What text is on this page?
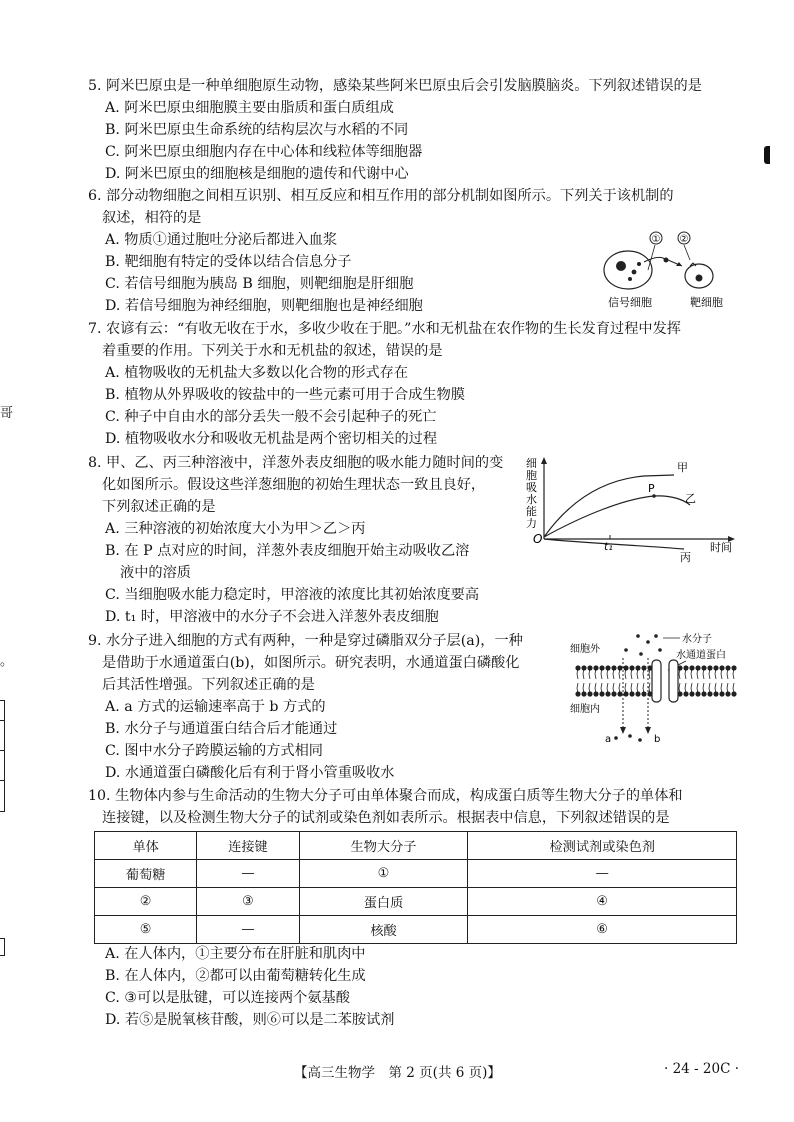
5. 阿米巴原虫是一种单细胞原生动物，感染某些阿米巴原虫后会引发脑膜脑炎。下列叙述错误的是

A. 阿米巴原虫细胞膜主要由脂质和蛋白质组成

B. 阿米巴原虫生命系统的结构层次与水稻的不同

C. 阿米巴原虫细胞内存在中心体和线粒体等细胞器

D. 阿米巴原虫的细胞核是细胞的遗传和代谢中心

6. 部分动物细胞之间相互识别、相互反应和相互作用的部分机制如图所示。下列关于该机制的

叙述，相符的是

A. 物质①通过胞吐分泌后都进入血浆

B. 靶细胞有特定的受体以结合信息分子

C. 若信号细胞为胰岛 B 细胞，则靶细胞是肝细胞

D. 若信号细胞为神经细胞，则靶细胞也是神经细胞

① ②
信号细胞	靶细胞

7. 农谚有云：“有收无收在于水，多收少收在于肥。”水和无机盐在农作物的生长发育过程中发挥

着重要的作用。下列关于水和无机盐的叙述，错误的是

A. 植物吸收的无机盐大多数以化合物的形式存在

B. 植物从外界吸收的铵盐中的一些元素可用于合成生物膜

C. 种子中自由水的部分丢失一般不会引起种子的死亡

D. 植物吸收水分和吸收无机盐是两个密切相关的过程

8. 甲、乙、丙三种溶液中，洋葱外表皮细胞的吸水能力随时间的变

化如图所示。假设这些洋葱细胞的初始生理状态一致且良好，

下列叙述正确的是

A. 三种溶液的初始浓度大小为甲＞乙＞丙

B. 在 P 点对应的时间，洋葱外表皮细胞开始主动吸收乙溶

液中的溶质

C. 当细胞吸水能力稳定时，甲溶液的浓度比其初始浓度要高

D. t₁ 时，甲溶液中的水分子不会进入洋葱外表皮细胞

细
胞
吸
水
能
力
O
P
甲
乙
丙
t₁	时间

9. 水分子进入细胞的方式有两种，一种是穿过磷脂双分子层(a)，一种

是借助于水通道蛋白(b)，如图所示。研究表明，水通道蛋白磷酸化

后其活性增强。下列叙述正确的是

A. a 方式的运输速率高于 b 方式的

B. 水分子与通道蛋白结合后才能通过

C. 图中水分子跨膜运输的方式相同

D. 水通道蛋白磷酸化后有利于肾小管重吸收水

细胞外
细胞内
水分子
水通道蛋白
a	b

10. 生物体内参与生命活动的生物大分子可由单体聚合而成，构成蛋白质等生物大分子的单体和

连接键，以及检测生物大分子的试剂或染色剂如表所示。根据表中信息，下列叙述错误的是

单体	连接键	生物大分子	检测试剂或染色剂
葡萄糖	—	①	—
②	③	蛋白质	④
⑤	—	核酸	⑥

A. 在人体内，①主要分布在肝脏和肌肉中

B. 在人体内，②都可以由葡萄糖转化生成

C. ③可以是肽键，可以连接两个氨基酸

D. 若⑤是脱氧核苷酸，则⑥可以是二苯胺试剂

【高三生物学　第 2 页(共 6 页)】	· 24 - 20C ·
哥
。
